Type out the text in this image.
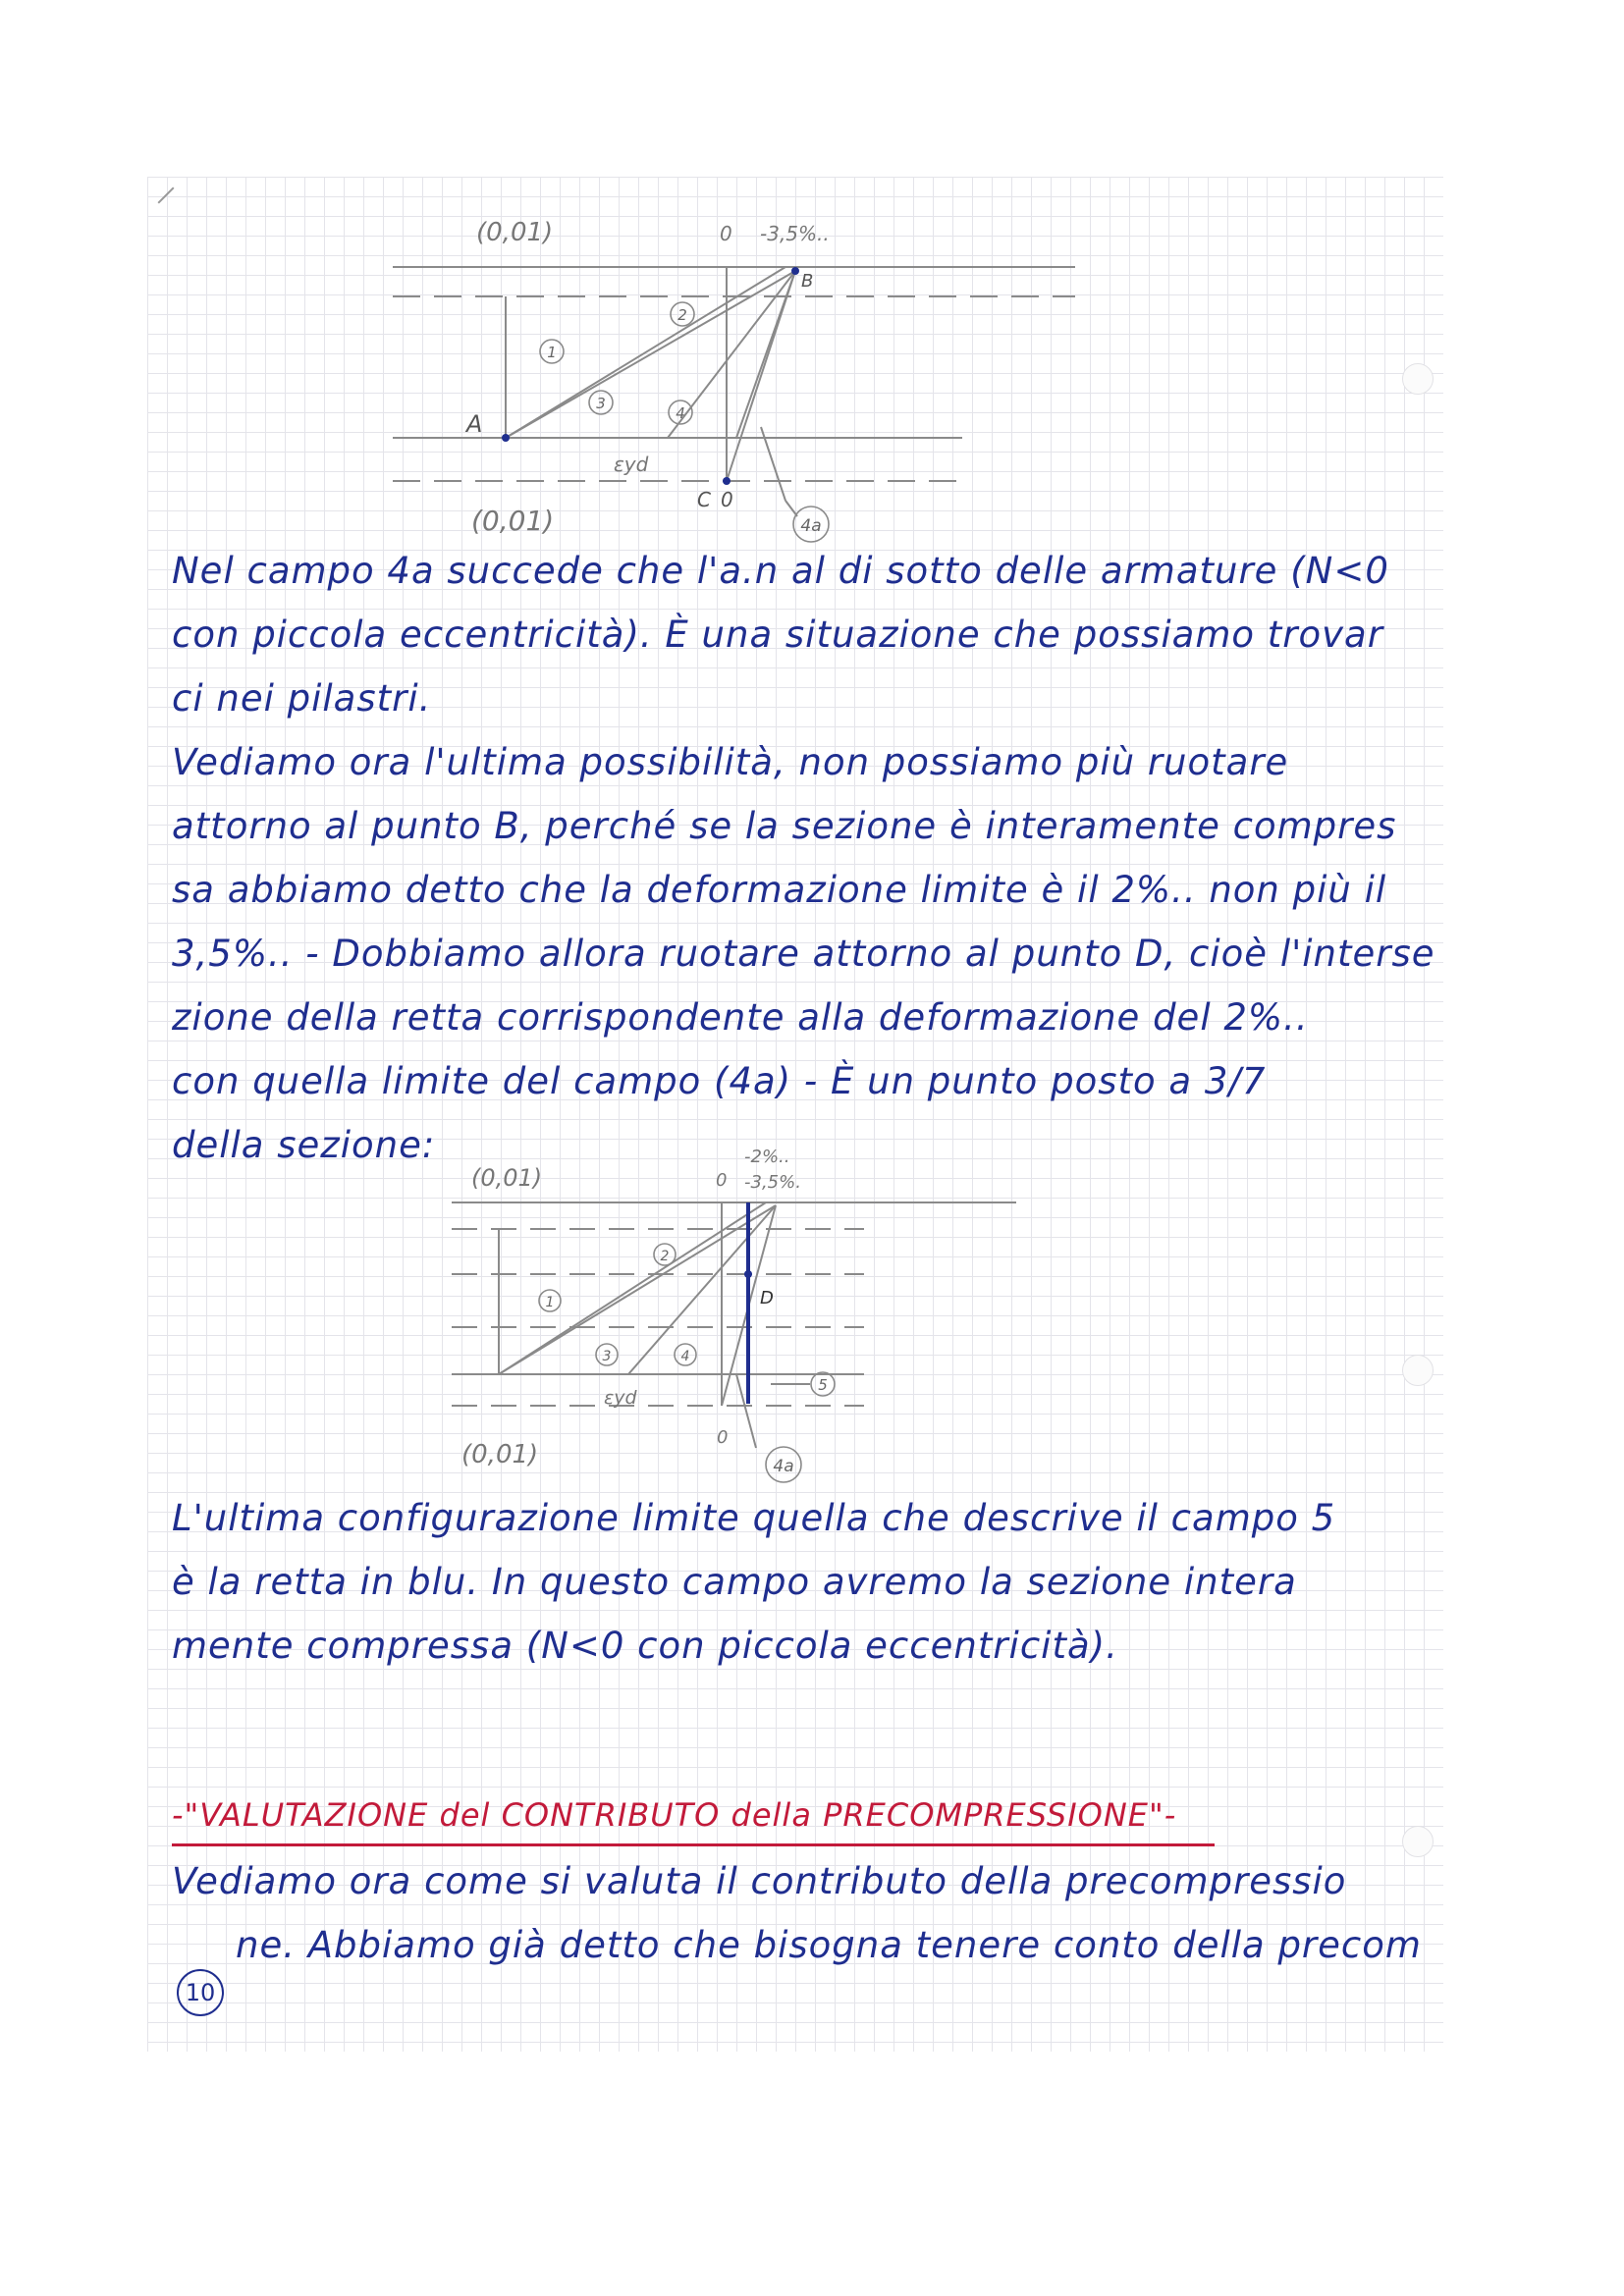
1
2
3
4
4a
(0,01)	0 -3,5%..
B
A
C 0
(0,01)
εyd
Nel campo 4a succede che l'a.n al di sotto delle armature (N<0
con piccola eccentricità). È una situazione che possiamo trovar
ci nei pilastri.
Vediamo ora l'ultima possibilità, non possiamo più ruotare
attorno al punto B, perché se la sezione è interamente compres
sa abbiamo detto che la deformazione limite è il 2%.. non più il
3,5%.. - Dobbiamo allora ruotare attorno al punto D, cioè l'interse
zione della retta corrispondente alla deformazione del 2%..
con quella limite del campo (4a) - È un punto posto a 3/7
della sezione:
1
2
3	4
5
4a
(0,01)	0
-2%..
-3,5%.
D
εyd
(0,01)
0
L'ultima configurazione limite quella che descrive il campo 5
è la retta in blu. In questo campo avremo la sezione intera
mente compressa (N<0 con piccola eccentricità).
-"VALUTAZIONE del CONTRIBUTO della PRECOMPRESSIONE"-
Vediamo ora come si valuta il contributo della precompressio
ne. Abbiamo già detto che bisogna tenere conto della precom
10
